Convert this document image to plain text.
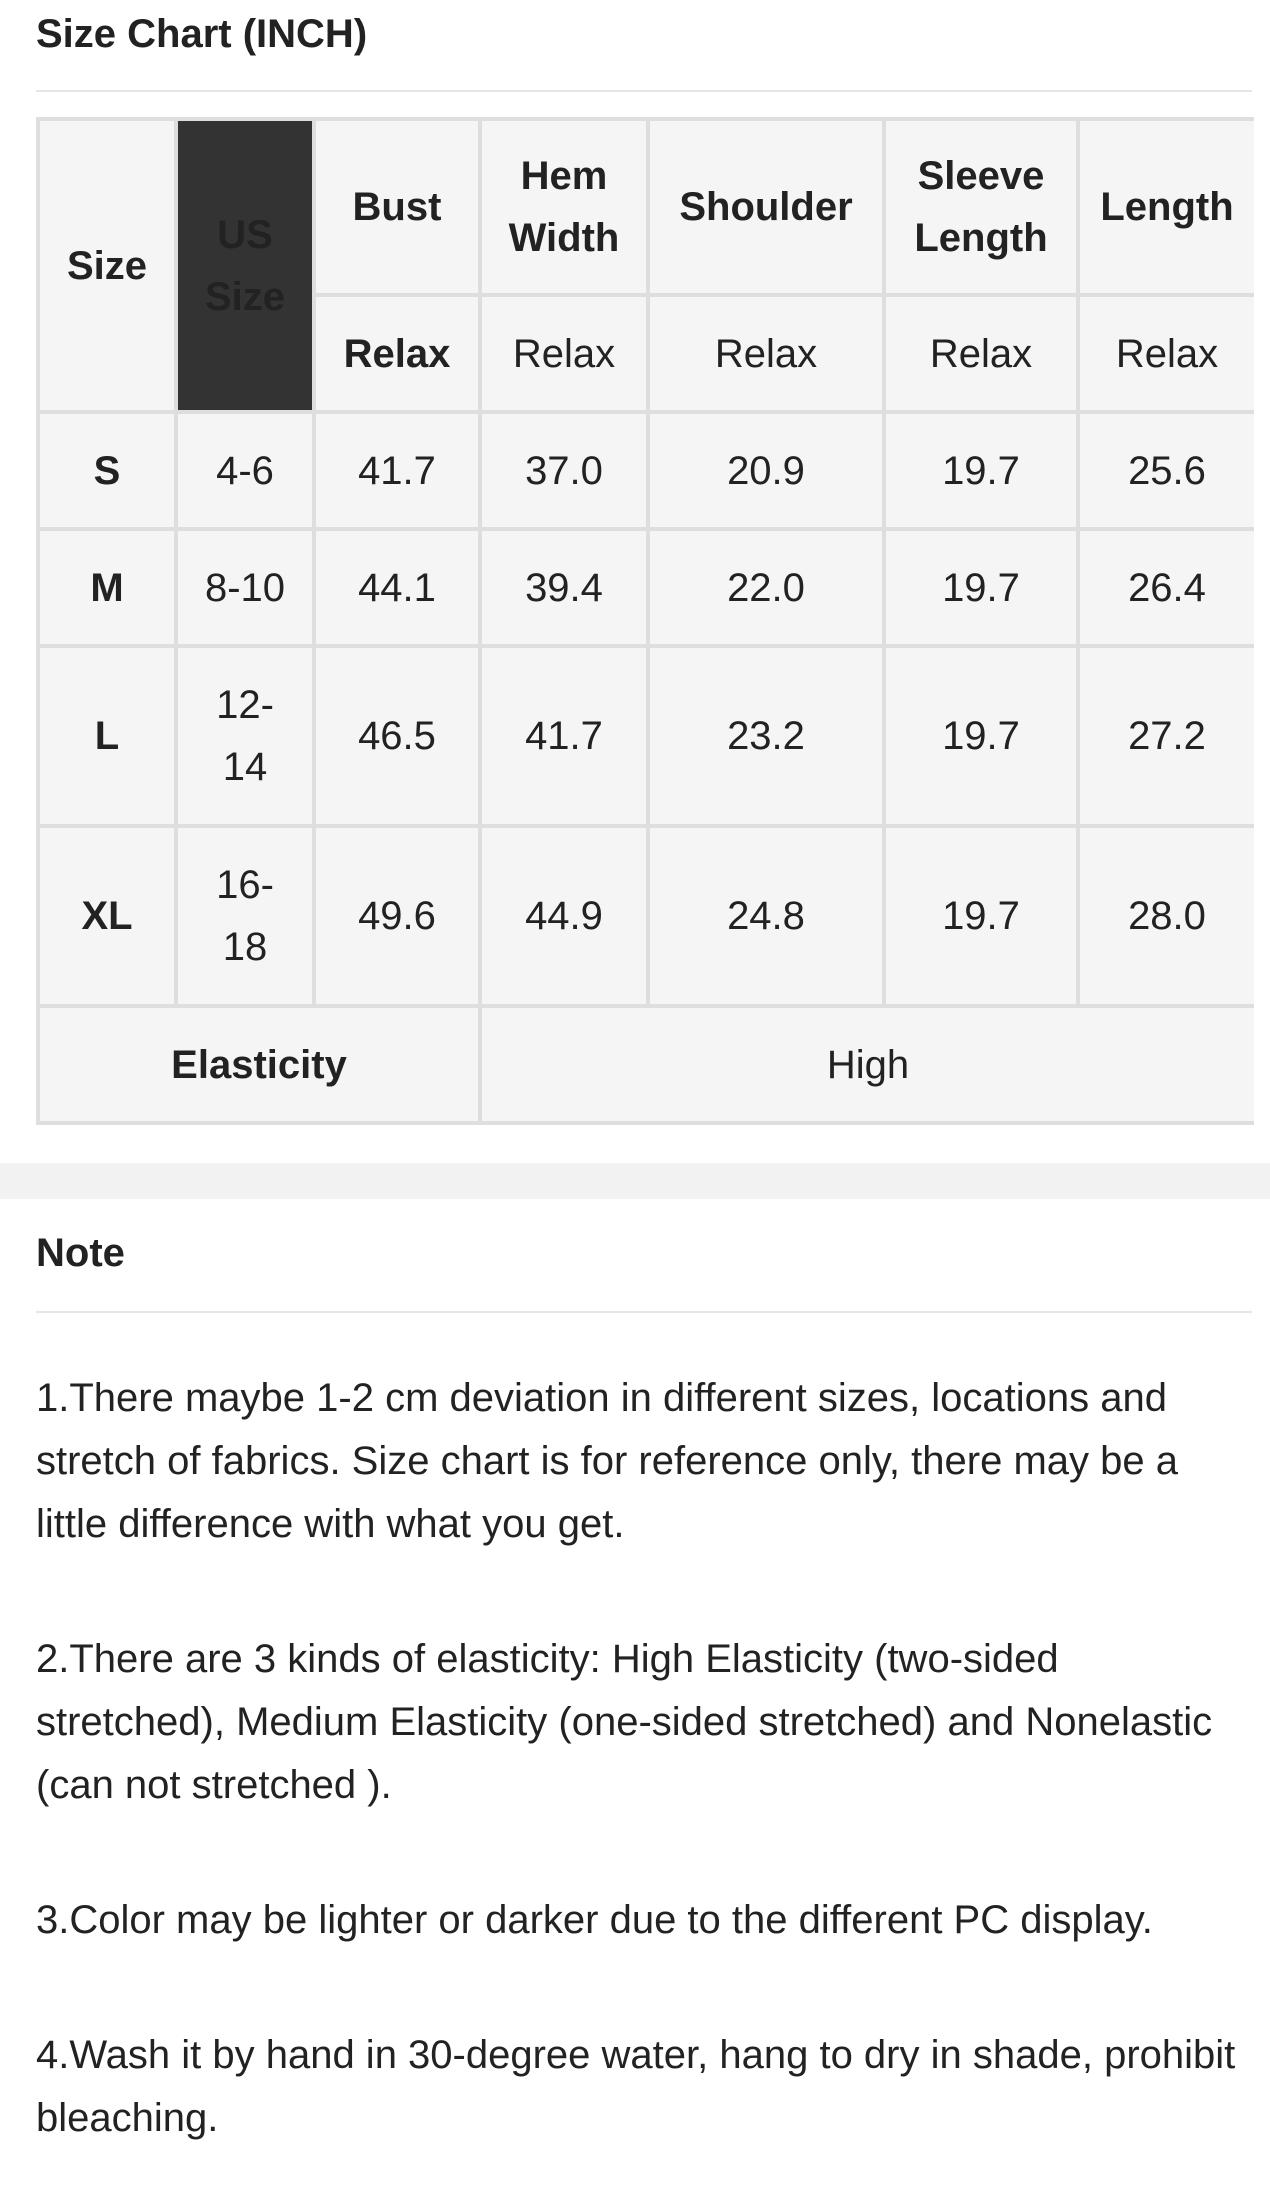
Size Chart (INCH)
Size	US Size	Bust	Hem Width	Shoulder	Sleeve Length	Length
		Relax	Relax	Relax	Relax	Relax
S	4-6	41.7	37.0	20.9	19.7	25.6
M	8-10	44.1	39.4	22.0	19.7	26.4
L	12-14	46.5	41.7	23.2	19.7	27.2
XL	16-18	49.6	44.9	24.8	19.7	28.0
Elasticity			High			
Note

1.There maybe 1-2 cm deviation in different sizes, locations and stretch of fabrics. Size chart is for reference only, there may be a little difference with what you get.

2.There are 3 kinds of elasticity: High Elasticity (two-sided stretched), Medium Elasticity (one-sided stretched) and Nonelastic (can not stretched ).

3.Color may be lighter or darker due to the different PC display.

4.Wash it by hand in 30-degree water, hang to dry in shade, prohibit bleaching.
